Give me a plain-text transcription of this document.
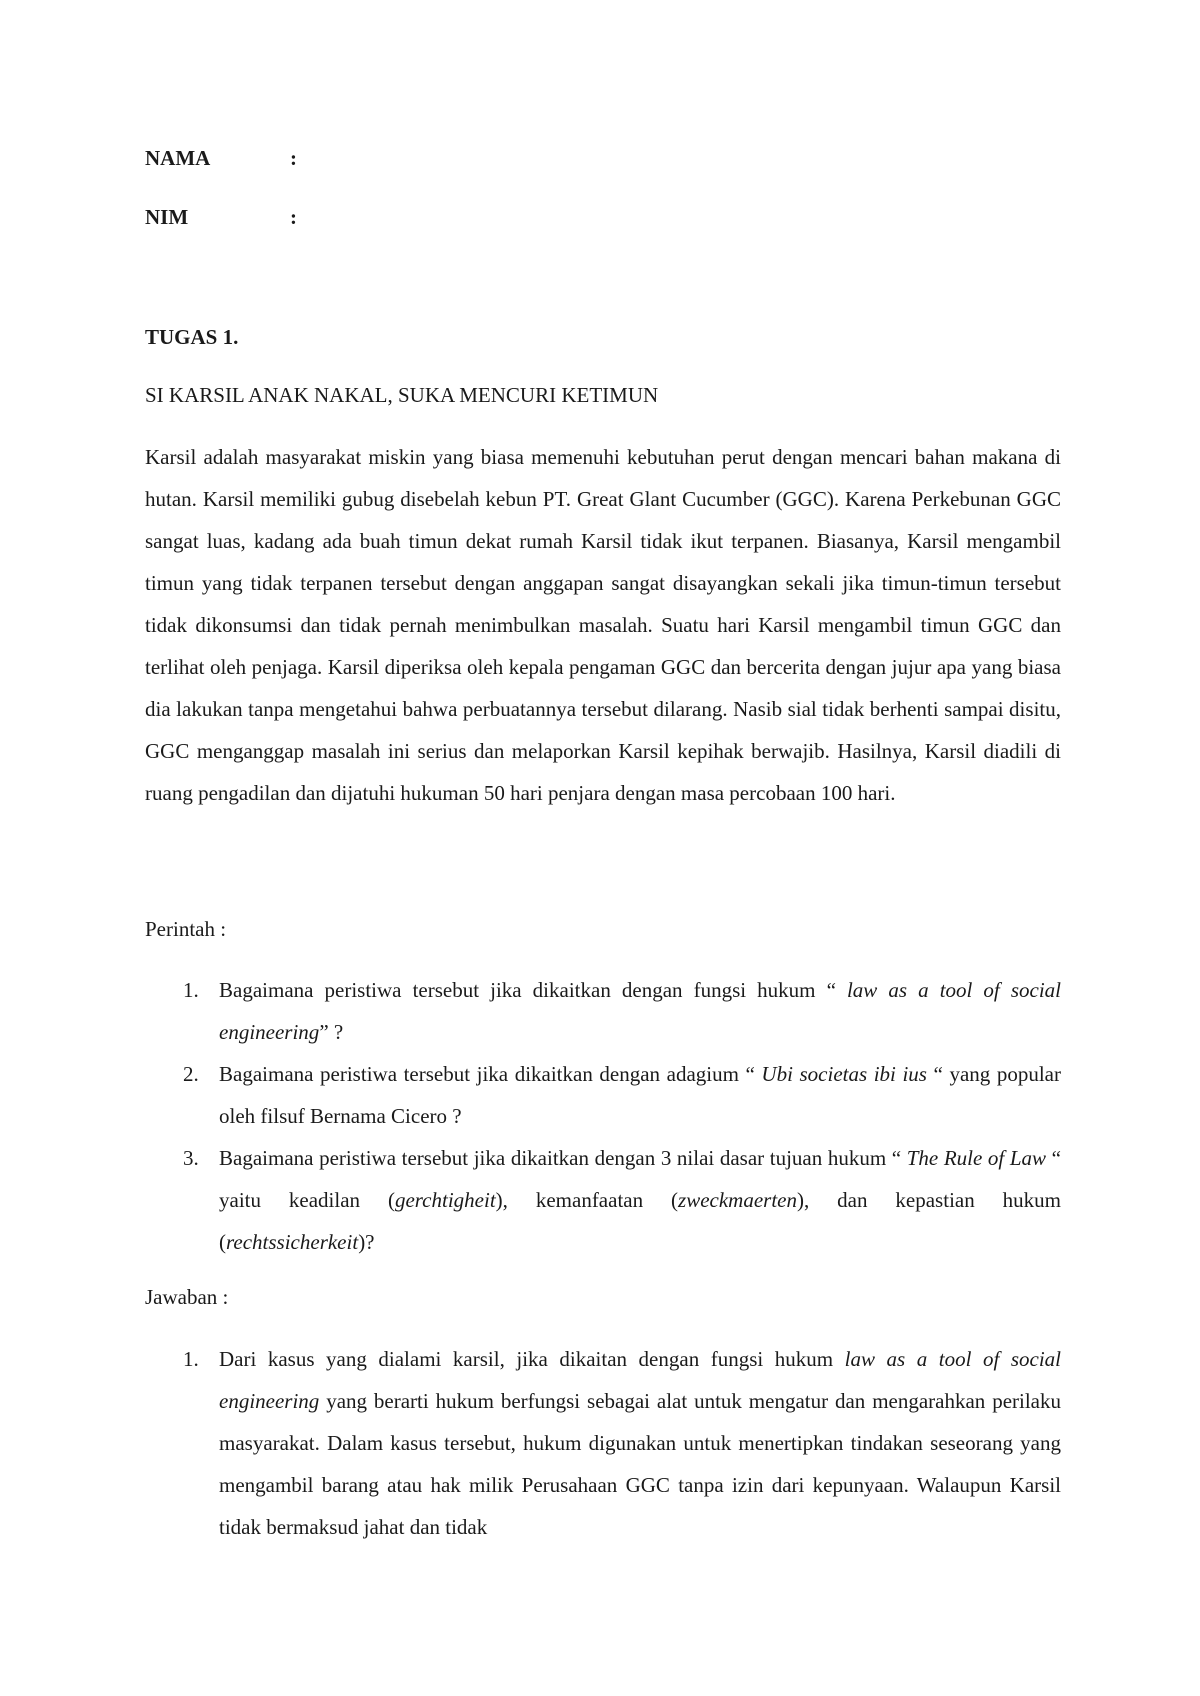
NAMA	:
NIM	:

TUGAS 1.

SI KARSIL ANAK NAKAL, SUKA MENCURI KETIMUN

Karsil adalah masyarakat miskin yang biasa memenuhi kebutuhan perut dengan mencari bahan makana di hutan. Karsil memiliki gubug disebelah kebun PT. Great Glant Cucumber (GGC). Karena Perkebunan GGC sangat luas, kadang ada buah timun dekat rumah Karsil tidak ikut terpanen. Biasanya, Karsil mengambil timun yang tidak terpanen tersebut dengan anggapan sangat disayangkan sekali jika timun-timun tersebut tidak dikonsumsi dan tidak pernah menimbulkan masalah. Suatu hari Karsil mengambil timun GGC dan terlihat oleh penjaga. Karsil diperiksa oleh kepala pengaman GGC dan bercerita dengan jujur apa yang biasa dia lakukan tanpa mengetahui bahwa perbuatannya tersebut dilarang. Nasib sial tidak berhenti sampai disitu, GGC menganggap masalah ini serius dan melaporkan Karsil kepihak berwajib. Hasilnya, Karsil diadili di ruang pengadilan dan dijatuhi hukuman 50 hari penjara dengan masa percobaan 100 hari.

Perintah :

1. Bagaimana peristiwa tersebut jika dikaitkan dengan fungsi hukum “ law as a tool of social engineering” ?
2. Bagaimana peristiwa tersebut jika dikaitkan dengan adagium “ Ubi societas ibi ius “ yang popular oleh filsuf Bernama Cicero ?
3. Bagaimana peristiwa tersebut jika dikaitkan dengan 3 nilai dasar tujuan hukum “ The Rule of Law “ yaitu keadilan (gerchtigheit), kemanfaatan (zweckmaerten), dan kepastian hukum (rechtssicherkeit)?

Jawaban :

1. Dari kasus yang dialami karsil, jika dikaitan dengan fungsi hukum law as a tool of social engineering yang berarti hukum berfungsi sebagai alat untuk mengatur dan mengarahkan perilaku masyarakat. Dalam kasus tersebut, hukum digunakan untuk menertipkan tindakan seseorang yang mengambil barang atau hak milik Perusahaan GGC tanpa izin dari kepunyaan. Walaupun Karsil tidak bermaksud jahat dan tidak
